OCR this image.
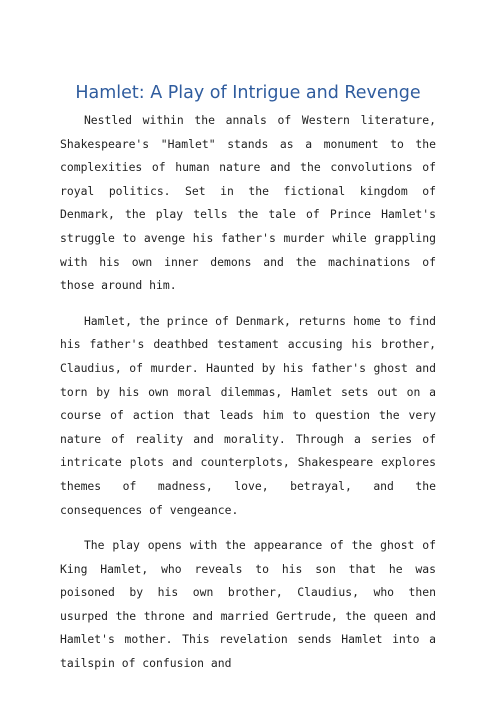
Hamlet: A Play of Intrigue and Revenge

Nestled within the annals of Western literature, Shakespeare's "Hamlet" stands as a monument to the complexities of human nature and the convolutions of royal politics. Set in the fictional kingdom of Denmark, the play tells the tale of Prince Hamlet's struggle to avenge his father's murder while grappling with his own inner demons and the machinations of those around him.

Hamlet, the prince of Denmark, returns home to find his father's deathbed testament accusing his brother, Claudius, of murder. Haunted by his father's ghost and torn by his own moral dilemmas, Hamlet sets out on a course of action that leads him to question the very nature of reality and morality. Through a series of intricate plots and counterplots, Shakespeare explores themes of madness, love, betrayal, and the consequences of vengeance.

The play opens with the appearance of the ghost of King Hamlet, who reveals to his son that he was poisoned by his own brother, Claudius, who then usurped the throne and married Gertrude, the queen and Hamlet's mother. This revelation sends Hamlet into a tailspin of confusion and
